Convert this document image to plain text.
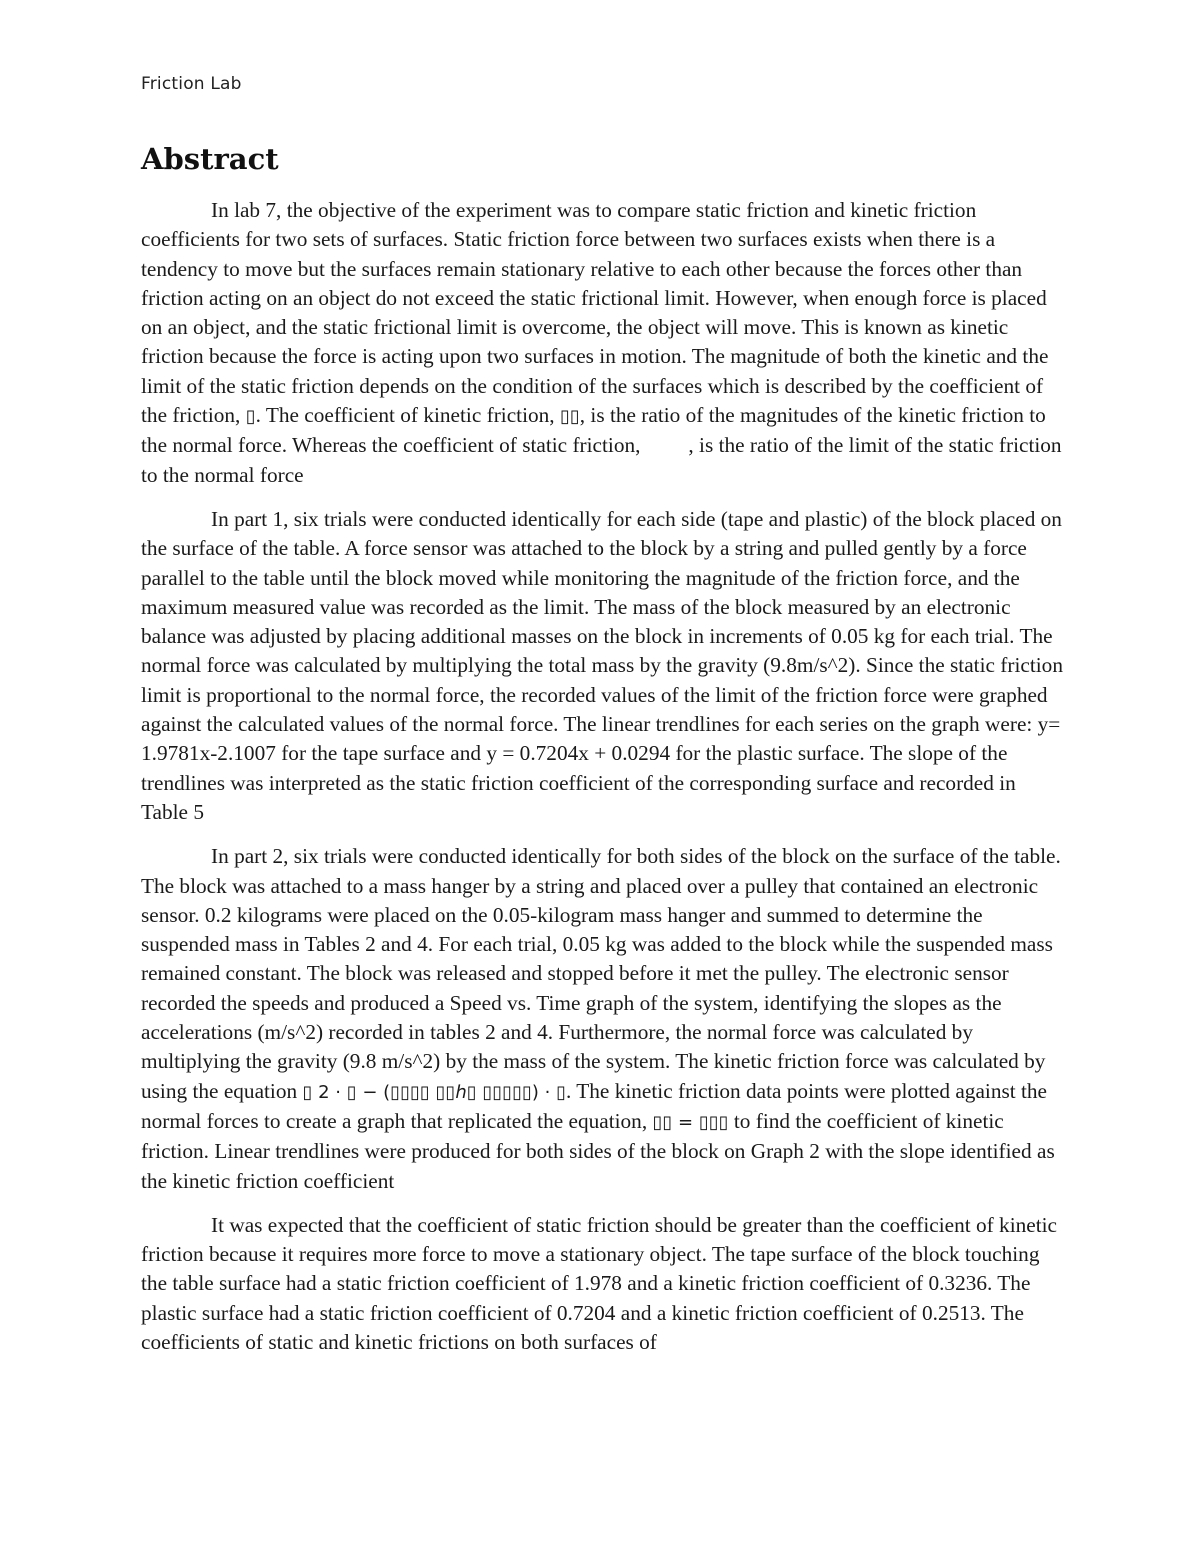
Friction Lab
Abstract

In lab 7, the objective of the experiment was to compare static friction and kinetic friction coefficients for two sets of surfaces. Static friction force between two surfaces exists when there is a tendency to move but the surfaces remain stationary relative to each other because the forces other than friction acting on an object do not exceed the static frictional limit. However, when enough force is placed on an object, and the static frictional limit is overcome, the object will move. This is known as kinetic friction because the force is acting upon two surfaces in motion. The magnitude of both the kinetic and the limit of the static friction depends on the condition of the surfaces which is described by the coefficient of the friction, ▯. The coefficient of kinetic friction, ▯▯, is the ratio of the magnitudes of the kinetic friction to the normal force. Whereas the coefficient of static friction,   , is the ratio of the limit of the static friction to the normal force

In part 1, six trials were conducted identically for each side (tape and plastic) of the block placed on the surface of the table. A force sensor was attached to the block by a string and pulled gently by a force parallel to the table until the block moved while monitoring the magnitude of the friction force, and the maximum measured value was recorded as the limit. The mass of the block measured by an electronic balance was adjusted by placing additional masses on the block in increments of 0.05 kg for each trial. The normal force was calculated by multiplying the total mass by the gravity (9.8m/s^2). Since the static friction limit is proportional to the normal force, the recorded values of the limit of the friction force were graphed against the calculated values of the normal force. The linear trendlines for each series on the graph were: y= 1.9781x-2.1007 for the tape surface and y = 0.7204x + 0.0294 for the plastic surface. The slope of the trendlines was interpreted as the static friction coefficient of the corresponding surface and recorded in Table 5

In part 2, six trials were conducted identically for both sides of the block on the surface of the table. The block was attached to a mass hanger by a string and placed over a pulley that contained an electronic sensor. 0.2 kilograms were placed on the 0.05-kilogram mass hanger and summed to determine the suspended mass in Tables 2 and 4. For each trial, 0.05 kg was added to the block while the suspended mass remained constant. The block was released and stopped before it met the pulley. The electronic sensor recorded the speeds and produced a Speed vs. Time graph of the system, identifying the slopes as the accelerations (m/s^2) recorded in tables 2 and 4. Furthermore, the normal force was calculated by multiplying the gravity (9.8 m/s^2) by the mass of the system. The kinetic friction force was calculated by using the equation ▯ 2 · ▯ − (▯▯▯▯ ▯▯ℎ▯ ▯▯▯▯▯) · ▯. The kinetic friction data points were plotted against the normal forces to create a graph that replicated the equation, ▯▯ = ▯▯▯ to find the coefficient of kinetic friction. Linear trendlines were produced for both sides of the block on Graph 2 with the slope identified as the kinetic friction coefficient

It was expected that the coefficient of static friction should be greater than the coefficient of kinetic friction because it requires more force to move a stationary object. The tape surface of the block touching the table surface had a static friction coefficient of 1.978 and a kinetic friction coefficient of 0.3236. The plastic surface had a static friction coefficient of 0.7204 and a kinetic friction coefficient of 0.2513. The coefficients of static and kinetic frictions on both surfaces of
